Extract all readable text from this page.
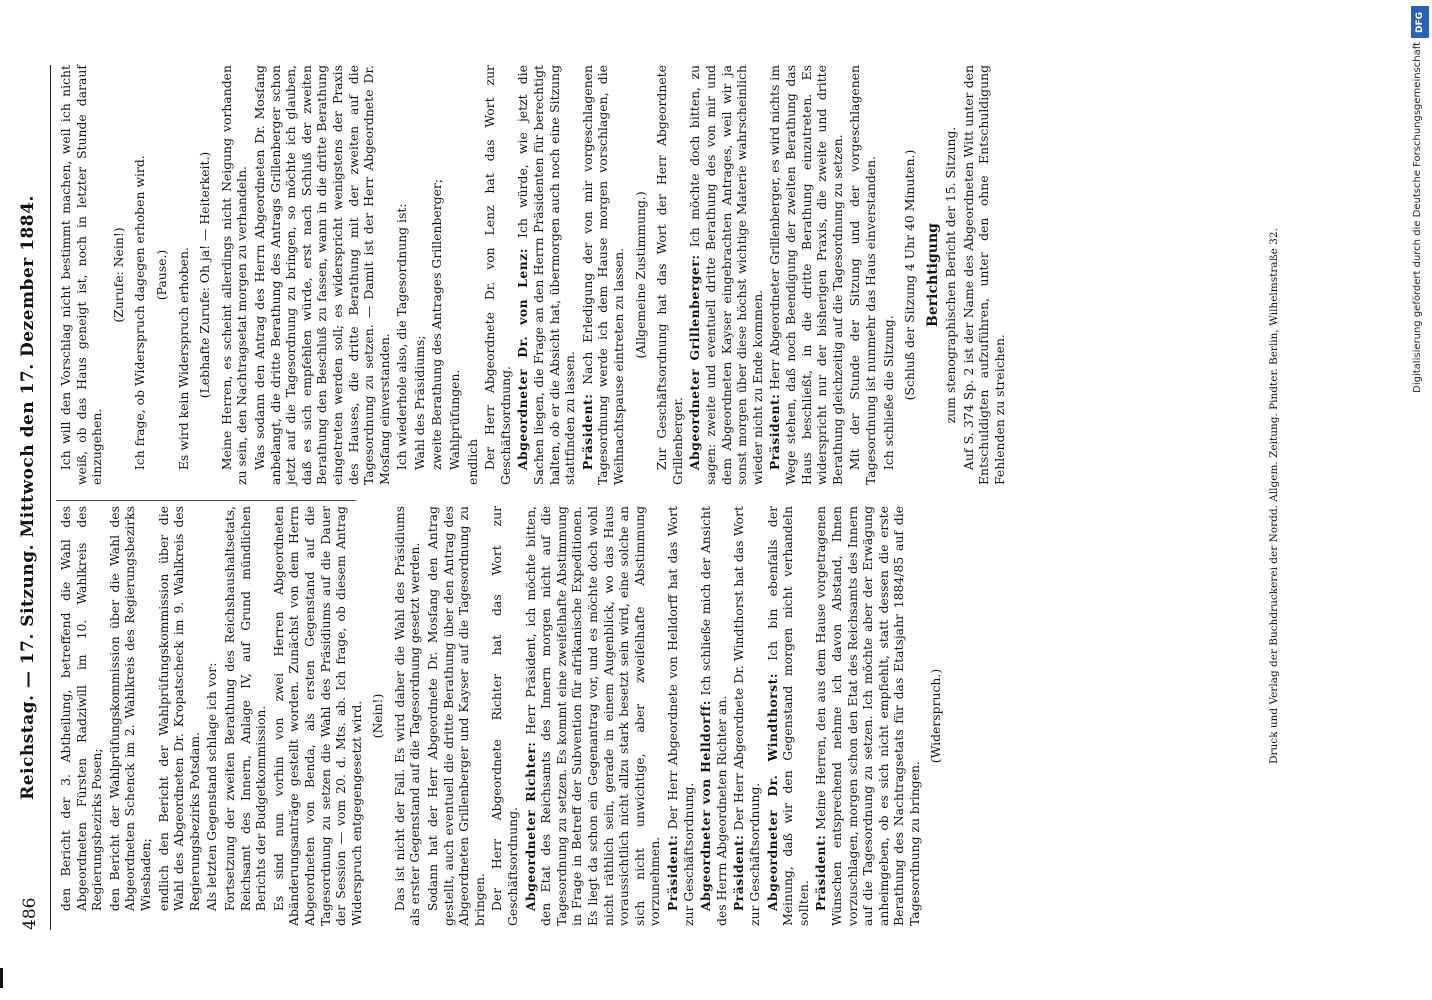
486
Reichstag. — 17. Sitzung. Mittwoch den 17. Dezember 1884. den Bericht der 3. Abtheilung, betreffend die Wahl des Abgeordneten Fürsten Radziwill im 10. Wahlkreis des Regierungsbezirks Posen; den Bericht der Wahlprüfungskommission über die Wahl des Abgeordneten Schenck im 2. Wahlkreis des Regierungsbezirks Wiesbaden; endlich den Bericht der Wahlprüfungskommission über die Wahl des Abgeordneten Dr. Kropatscheck im 9. Wahlkreis des Regierungsbezirks Potsdam. Als letzten Gegenstand schlage ich vor: Fortsetzung der zweiten Berathung des Reichshaushaltsetats, Reichsamt des Innern, Anlage IV, auf Grund mündlichen Berichts der Budgetkommission. Es sind nun vorhin von zwei Herren Abgeordneten Abänderungsanträge gestellt worden. Zunächst von dem Herrn Abgeordneten von Bendа, als ersten Gegenstand auf die Tagesordnung zu setzen die Wahl des Präsidiums auf die Dauer der Session — vom 20. d. Mts. ab. Ich frage, ob diesem Antrag Widerspruch entgegengesetzt wird. (Nein!) Das ist nicht der Fall. Es wird daher die Wahl des Präsidiums als erster Gegenstand auf die Tagesordnung gesetzt werden. Sodann hat der Herr Abgeordnete Dr. Mosfang den Antrag gestellt, auch eventuell die dritte Berathung über den Antrag des Abgeordneten Grillenberger und Kayser auf die Tagesordnung zu bringen. Der Herr Abgeordnete Richter hat das Wort zur Geschäftsordnung. Abgeordneter Richter: Herr Präsident, ich möchte bitten, den Etat des Reichsamts des Innern morgen nicht auf die Tagesordnung zu setzen. Es kommt eine zweifelhafte Abstimmung in Frage in Betreff der Subvention für afrikanische Expeditionen. Es liegt da schon ein Gegenantrag vor, und es möchte doch wohl nicht räthlich sein, gerade in einem Augenblick, wo das Haus voraussichtlich nicht allzu stark besetzt sein wird, eine solche an sich nicht unwichtige, aber zweifelhafte Abstimmung vorzunehmen. Präsident: Der Herr Abgeordnete von Helldorff hat das Wort zur Geschäftsordnung. Abgeordneter von Helldorff: Ich schließe mich der Ansicht des Herrn Abgeordneten Richter an. Präsident: Der Herr Abgeordnete Dr. Windthorst hat das Wort zur Geschäftsordnung. Abgeordneter Dr. Windthorst: Ich bin ebenfalls der Meinung, daß wir den Gegenstand morgen nicht verhandeln sollten. Präsident: Meine Herren, den aus dem Hause vorgetragenen Wünschen entsprechend nehme ich davon Abstand, Ihnen vorzuschlagen, morgen schon den Etat des Reichsamts des Innern auf die Tagesordnung zu setzen. Ich möchte aber der Erwägung anheimgeben, ob es sich nicht empfiehlt, statt dessen die erste Berathung des Nachtragsetats für das Etatsjahr 1884/85 auf die Tagesordnung zu bringen.

(Widerspruch.)

Ich will den Vorschlag nicht bestimmt machen, weil ich nicht weiß, ob das Haus geneigt ist, noch in letzter Stunde darauf einzugehen.

(Zurufe: Nein!) Ich frage, ob Widerspruch dagegen erhoben wird. (Pause.) Es wird kein Widerspruch erhoben. (Lebhafte Zurufe: Oh ja! — Heiterkeit.) Meine Herren, es scheint allerdings nicht Neigung vorhanden zu sein, den Nachtragsetat morgen zu verhandeln. Was sodann den Antrag des Herrn Abgeordneten Dr. Mosfang anbelangt, die dritte Berathung des Antrags Grillenberger schon jetzt auf die Tagesordnung zu bringen, so möchte ich glauben, daß es sich empfehlen würde, erst nach Schluß der zweiten Berathung den Beschluß zu fassen, wann in die dritte Berathung eingetreten werden soll; es widerspricht wenigstens der Praxis des Hauses, die dritte Berathung mit der zweiten auf die Tagesordnung zu setzen. — Damit ist der Herr Abgeordnete Dr. Mosfang einverstanden. Ich wiederhole also, die Tagesordnung ist: Wahl des Präsidiums; zweite Berathung des Antrages Grillenberger; Wahlprüfungen. endlich Der Herr Abgeordnete Dr. von Lenz hat das Wort zur Geschäftsordnung. Abgeordneter Dr. von Lenz: Ich würde, wie jetzt die Sachen liegen, die Frage an den Herrn Präsidenten für berechtigt halten, ob er die Absicht hat, übermorgen auch noch eine Sitzung stattfinden zu lassen. Präsident: Nach Erledigung der von mir vorgeschlagenen Tagesordnung werde ich dem Hause morgen vorschlagen, die Weihnachtspause eintreten zu lassen. (Allgemeine Zustimmung.) Zur Geschäftsordnung hat das Wort der Herr Abgeordnete Grillenberger. Abgeordneter Grillenberger: Ich möchte doch bitten, zu sagen: zweite und eventuell dritte Berathung des von mir und dem Abgeordneten Kayser eingebrachten Antrages, weil wir ja sonst morgen über diese höchst wichtige Materie wahrscheinlich wieder nicht zu Ende kommen. Präsident: Herr Abgeordneter Grillenberger, es wird nichts im Wege stehen, daß noch Beendigung der zweiten Berathung das Haus beschließt, in die dritte Berathung einzutreten. Es widerspricht nur der bisherigen Praxis, die zweite und dritte Berathung gleichzeitig auf die Tagesordnung zu setzen. Mit der Stunde der Sitzung und der vorgeschlagenen Tagesordnung ist nunmehr das Haus einverstanden. Ich schließe die Sitzung. (Schluß der Sitzung 4 Uhr 40 Minuten.) Berichtigung zum stenographischen Bericht der 15. Sitzung. Auf S. 374 Sp. 2 ist der Name des Abgeordneten Witt unter den Entschuldigten aufzuführen, unter den ohne Entschuldigung Fehlenden zu streichen.	Druck und Verlag der Buchdruckerei der Nordd. Allgem. Zeitung. Pindter. Berlin, Wilhelmstraße 32.
DFG
Digitalisierung gefördert durch die Deutsche Forschungsgemeinschaft
